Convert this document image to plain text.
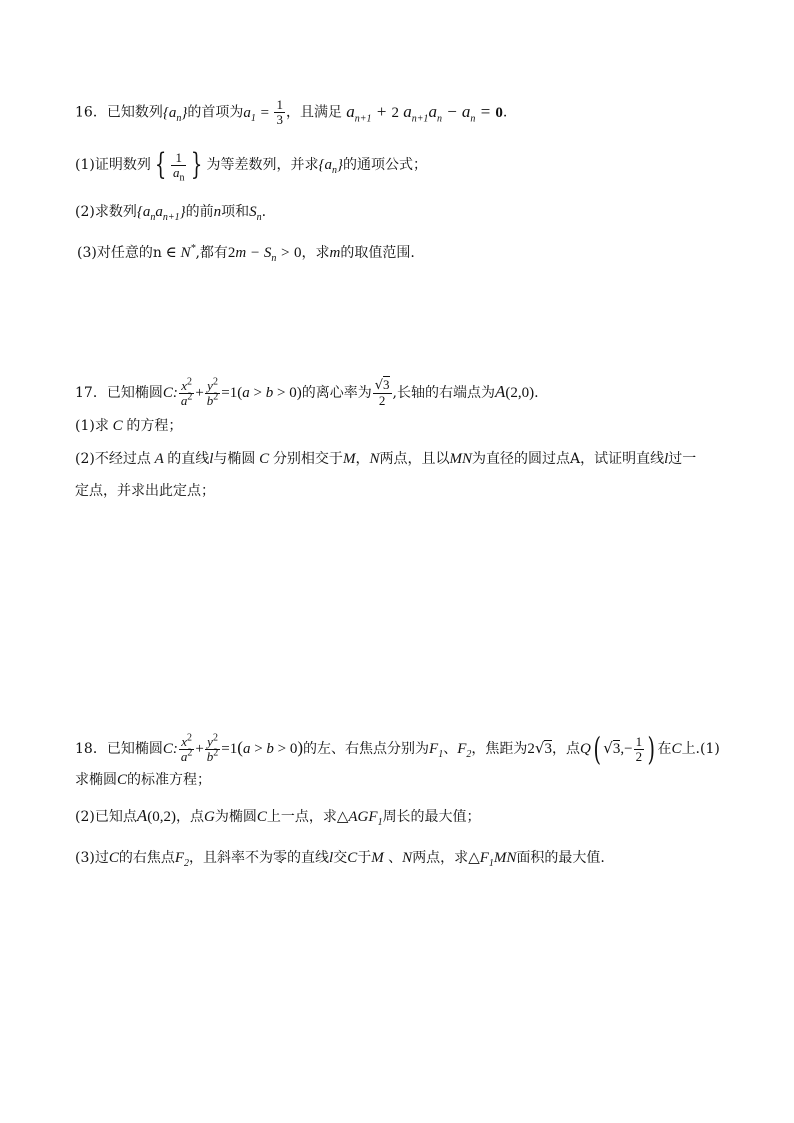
16．已知数列$\{a_n\}$的首项为$a_1 = \frac{1}{3}$ ，且满足 $a_{n+1} + 2$ $a_{n+1}a_n - a_n = 0$.
(1)证明数列 { $\frac{1}{a_n}$ } 为等差数列，并求$\{a_n\}$的通项公式；
(2)求数列$\{a_na_{n+1}\}$的前n项和$S_n$.
(3)对任意的n ∈ N*,都有$2m - S_n > 0$，求m的取值范围.
17．已知椭圆C: $\frac{x^2}{a^2} + \frac{y^2}{b^2} =1(a > b > 0)$的离心率为 $\frac{√3}{2}$ ,长轴的右端点为A(2,0).
(1)求 C 的方程；
(2)不经过点 A 的直线l与椭圆 C 分别相交于M，N两点，且以MN为直径的圆过点A，试证明直线l过一
定点，并求出此定点；
18．已知椭圆C: $\frac{x^2}{a^2} + \frac{y^2}{b^2} =1(a > b > 0)$的左、右焦点分别为$F_1$、$F_2$，焦距为2√3，点Q( $√3,- \frac{1}{2}$ ) 在C上.(1)
求椭圆C的标准方程；
(2)已知点A(0,2)，点G为椭圆C上一点，求$\triangle AGF_1$周长的最大值；
(3)过C的右焦点$F_2$，且斜率不为零的直线l交C于M 、N两点，求$\triangle F_1MN$面积的最大值.
